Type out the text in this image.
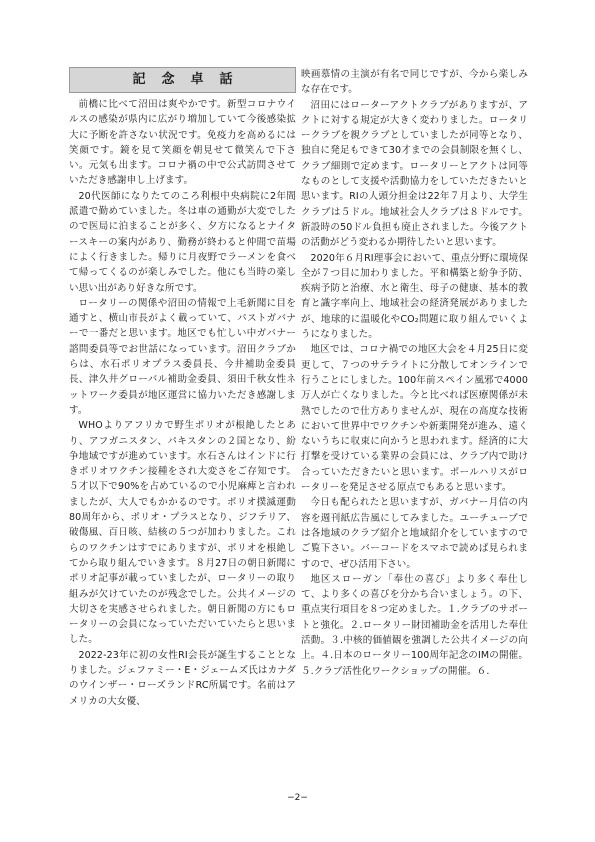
記念卓話

前橋に比べて沼田は爽やかです。新型コロナウイルスの感染が県内に広がり増加していて今後感染拡大に予断を許さない状況です。免疫力を高めるには笑顔です。鏡を見て笑顔を朝見せて微笑んで下さい。元気も出ます。コロナ禍の中で公式訪問させていただき感謝申し上げます。

20代医師になりたてのころ利根中央病院に2年間派遣で勤めていました。冬は車の通勤が大変でしたので医局に泊まることが多く、夕方になるとナイタースキーの案内があり、勤務が終わると仲間で苗場によく行きました。帰りに月夜野でラーメンを食べて帰ってくるのが楽しみでした。他にも当時の楽しい思い出があり好きな所です。

ロータリーの関係や沼田の情報で上毛新聞に目を通すと、横山市長がよく載っていて、パストガバナーで一番だと思います。地区でも忙しい中ガバナー諮問委員等でお世話になっています。沼田クラブからは、水石ポリオプラス委員長、今井補助金委員長、津久井グローバル補助金委員、須田千秋女性ネットワーク委員が地区運営に協力いただき感謝します。

WHOよりアフリカで野生ポリオが根絶したとあり、アフガニスタン、パキスタンの２国となり、紛争地域ですが進めています。水石さんはインドに行きポリオワクチン接種をされ大変さをご存知です。５才以下で90%を占めているので小児麻痺と言われましたが、大人でもかかるのです。ポリオ撲滅運動80周年から、ポリオ・プラスとなり、ジフテリア、破傷風、百日咳、結核の５つが加わりました。これらのワクチンはすでにありますが、ポリオを根絶してから取り組んでいきます。８月27日の朝日新聞にポリオ記事が載っていましたが、ロータリーの取り組みが欠けていたのが残念でした。公共イメージの大切さを実感させられました。朝日新聞の方にもロータリーの会員になっていただいていたらと思いました。

2022-23年に初の女性RI会長が誕生することとなりました。ジェファミー・E・ジェームズ氏はカナダのウインザー・ローズランドRC所属です。名前はアメリカの大女優、

映画慕情の主演が有名で同じですが、今から楽しみな存在です。

沼田にはローターアクトクラブがありますが、アクトに対する規定が大きく変わりました。ロータリークラブを親クラブとしていましたが同等となり、独自に発足もできて30才までの会員制限を無くし、クラブ細則で定めます。ロータリーとアクトは同等なものとして支援や活動協力をしていただきたいと思います。RIの人頭分担金は22年７月より、大学生クラブは５ドル。地域社会人クラブは８ドルです。新設時の50ドル負担も廃止されました。今後アクトの活動がどう変わるか期待したいと思います。

2020年６月RI理事会において、重点分野に環境保全が７つ目に加わりました。平和構築と紛争予防、疾病予防と治療、水と衛生、母子の健康、基本的教育と識字率向上、地域社会の経済発展がありましたが、地球的に温暖化やCO₂問題に取り組んでいくようになりました。

地区では、コロナ禍での地区大会を４月25日に変更して、７つのサテライトに分散してオンラインで行うことにしました。100年前スペイン風邪で4000万人が亡くなりました。今と比べれば医療関係が未熟でしたので仕方ありませんが、現在の高度な技術において世界中でワクチンや新薬開発が進み、遠くないうちに収束に向かうと思われます。経済的に大打撃を受けている業界の会員には、クラブ内で助け合っていただきたいと思います。ポールハリスがロータリーを発足させる原点でもあると思います。

今日も配られたと思いますが、ガバナー月信の内容を週刊紙広告風にしてみました。ユーチューブでは各地域のクラブ紹介と地域紹介をしていますのでご覧下さい。バーコードをスマホで読めば見られますので、ぜひ活用下さい。

地区スローガン「奉仕の喜び」より多く奉仕して、より多くの喜びを分かち合いましょう。の下、重点実行項目を８つ定めました。１.クラブのサポートと強化。２.ロータリー財団補助金を活用した奉仕活動。３.中核的価値観を強調した公共イメージの向上。４.日本のロータリー100周年記念のIMの開催。５.クラブ活性化ワークショップの開催。６.

−2−
